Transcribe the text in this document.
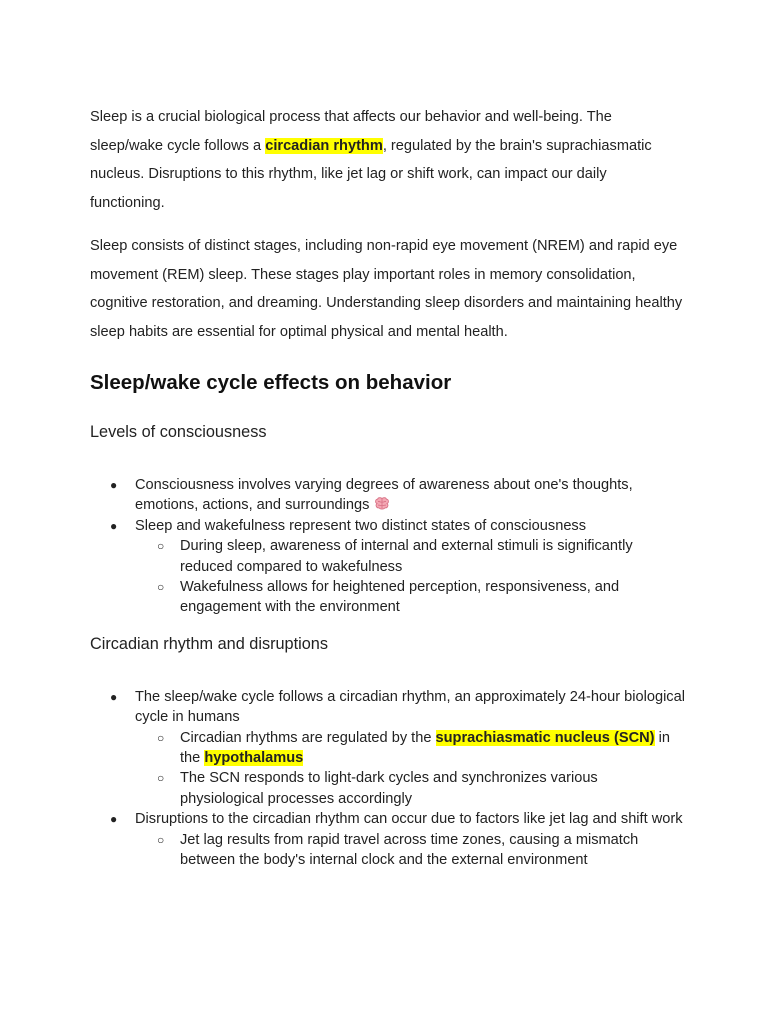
Sleep is a crucial biological process that affects our behavior and well-being. The sleep/wake cycle follows a circadian rhythm, regulated by the brain's suprachiasmatic nucleus. Disruptions to this rhythm, like jet lag or shift work, can impact our daily functioning.

Sleep consists of distinct stages, including non-rapid eye movement (NREM) and rapid eye movement (REM) sleep. These stages play important roles in memory consolidation, cognitive restoration, and dreaming. Understanding sleep disorders and maintaining healthy sleep habits are essential for optimal physical and mental health.

Sleep/wake cycle effects on behavior
Levels of consciousness
● Consciousness involves varying degrees of awareness about one's thoughts, emotions, actions, and surroundings
● Sleep and wakefulness represent two distinct states of consciousness
○ During sleep, awareness of internal and external stimuli is significantly reduced compared to wakefulness
○ Wakefulness allows for heightened perception, responsiveness, and engagement with the environment
Circadian rhythm and disruptions
● The sleep/wake cycle follows a circadian rhythm, an approximately 24-hour biological cycle in humans
○ Circadian rhythms are regulated by the suprachiasmatic nucleus (SCN) in the hypothalamus
○ The SCN responds to light-dark cycles and synchronizes various physiological processes accordingly
● Disruptions to the circadian rhythm can occur due to factors like jet lag and shift work
○ Jet lag results from rapid travel across time zones, causing a mismatch between the body's internal clock and the external environment
